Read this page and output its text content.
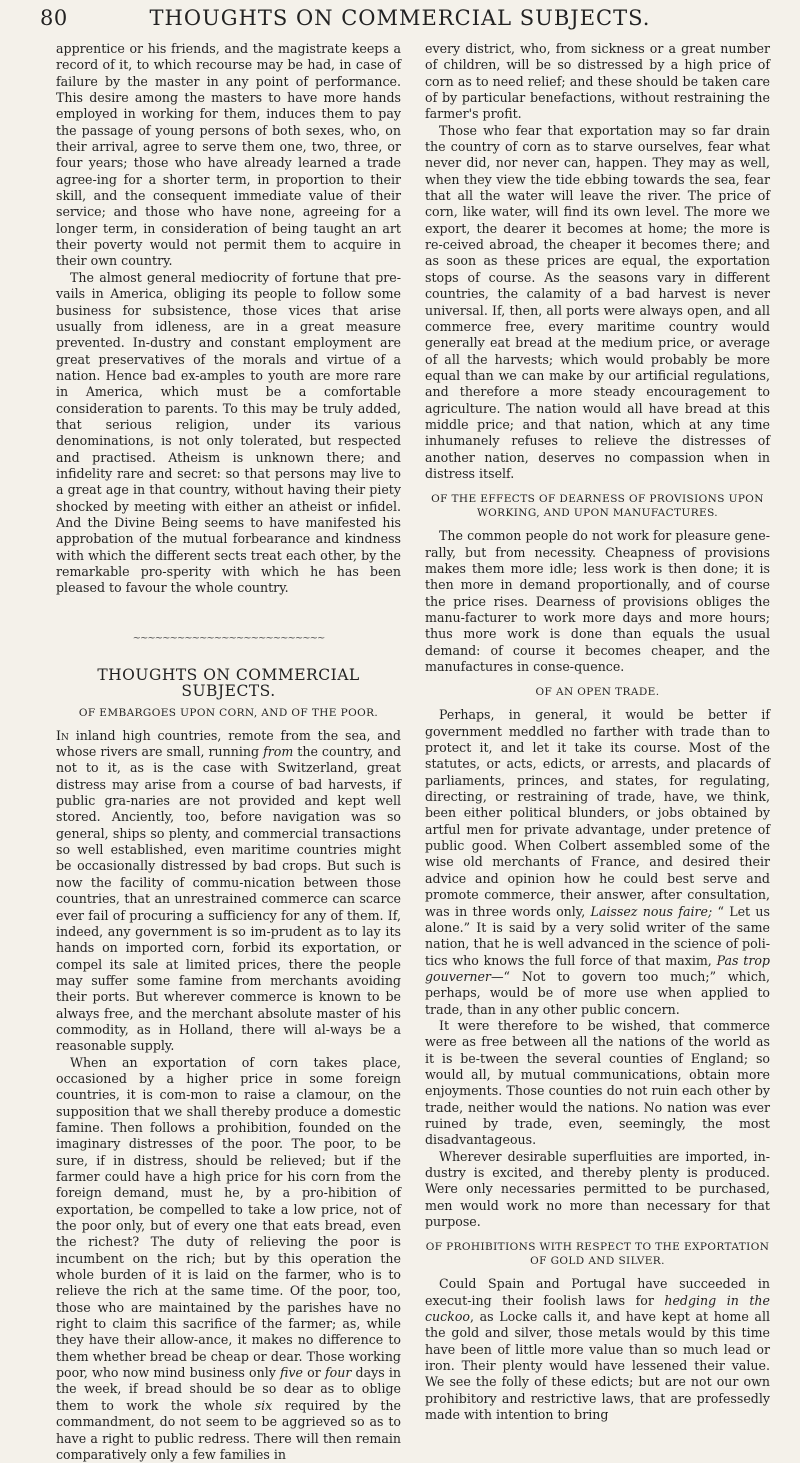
80	THOUGHTS ON COMMERCIAL SUBJECTS.

apprentice or his friends, and the magistrate keeps a record of it, to which recourse may be had, in case of failure by the master in any point of performance. This desire among the masters to have more hands employed in working for them, induces them to pay the passage of young persons of both sexes, who, on their arrival, agree to serve them one, two, three, or four years; those who have already learned a trade agree-ing for a shorter term, in proportion to their skill, and the consequent immediate value of their service; and those who have none, agreeing for a longer term, in consideration of being taught an art their poverty would not permit them to acquire in their own country.

The almost general mediocrity of fortune that pre-vails in America, obliging its people to follow some business for subsistence, those vices that arise usually from idleness, are in a great measure prevented. In-dustry and constant employment are great preservatives of the morals and virtue of a nation. Hence bad ex-amples to youth are more rare in America, which must be a comfortable consideration to parents. To this may be truly added, that serious religion, under its various denominations, is not only tolerated, but respected and practised. Atheism is unknown there; and infidelity rare and secret: so that persons may live to a great age in that country, without having their piety shocked by meeting with either an atheist or infidel. And the Divine Being seems to have manifested his approbation of the mutual forbearance and kindness with which the different sects treat each other, by the remarkable pro-sperity with which he has been pleased to favour the whole country.

~~~~~~~~~~~~~~~~~~~~~~~~~~
THOUGHTS ON COMMERCIAL SUBJECTS.
OF EMBARGOES UPON CORN, AND OF THE POOR.

In inland high countries, remote from the sea, and whose rivers are small, running from the country, and not to it, as is the case with Switzerland, great distress may arise from a course of bad harvests, if public gra-naries are not provided and kept well stored. Anciently, too, before navigation was so general, ships so plenty, and commercial transactions so well established, even maritime countries might be occasionally distressed by bad crops. But such is now the facility of commu-nication between those countries, that an unrestrained commerce can scarce ever fail of procuring a sufficiency for any of them. If, indeed, any government is so im-prudent as to lay its hands on imported corn, forbid its exportation, or compel its sale at limited prices, there the people may suffer some famine from merchants avoiding their ports. But wherever commerce is known to be always free, and the merchant absolute master of his commodity, as in Holland, there will al-ways be a reasonable supply.

When an exportation of corn takes place, occasioned by a higher price in some foreign countries, it is com-mon to raise a clamour, on the supposition that we shall thereby produce a domestic famine. Then follows a prohibition, founded on the imaginary distresses of the poor. The poor, to be sure, if in distress, should be relieved; but if the farmer could have a high price for his corn from the foreign demand, must he, by a pro-hibition of exportation, be compelled to take a low price, not of the poor only, but of every one that eats bread, even the richest? The duty of relieving the poor is incumbent on the rich; but by this operation the whole burden of it is laid on the farmer, who is to relieve the rich at the same time. Of the poor, too, those who are maintained by the parishes have no right to claim this sacrifice of the farmer; as, while they have their allow-ance, it makes no difference to them whether bread be cheap or dear. Those working poor, who now mind business only five or four days in the week, if bread should be so dear as to oblige them to work the whole six required by the commandment, do not seem to be aggrieved so as to have a right to public redress. There will then remain comparatively only a few families in

every district, who, from sickness or a great number of children, will be so distressed by a high price of corn as to need relief; and these should be taken care of by particular benefactions, without restraining the farmer's profit.

Those who fear that exportation may so far drain the country of corn as to starve ourselves, fear what never did, nor never can, happen. They may as well, when they view the tide ebbing towards the sea, fear that all the water will leave the river. The price of corn, like water, will find its own level. The more we export, the dearer it becomes at home; the more is re-ceived abroad, the cheaper it becomes there; and as soon as these prices are equal, the exportation stops of course. As the seasons vary in different countries, the calamity of a bad harvest is never universal. If, then, all ports were always open, and all commerce free, every maritime country would generally eat bread at the medium price, or average of all the harvests; which would probably be more equal than we can make by our artificial regulations, and therefore a more steady encouragement to agriculture. The nation would all have bread at this middle price; and that nation, which at any time inhumanely refuses to relieve the distresses of another nation, deserves no compassion when in distress itself.

OF THE EFFECTS OF DEARNESS OF PROVISIONS UPON WORKING, AND UPON MANUFACTURES.

The common people do not work for pleasure gene-rally, but from necessity. Cheapness of provisions makes them more idle; less work is then done; it is then more in demand proportionally, and of course the price rises. Dearness of provisions obliges the manu-facturer to work more days and more hours; thus more work is done than equals the usual demand: of course it becomes cheaper, and the manufactures in conse-quence.

OF AN OPEN TRADE.

Perhaps, in general, it would be better if government meddled no farther with trade than to protect it, and let it take its course. Most of the statutes, or acts, edicts, or arrests, and placards of parliaments, princes, and states, for regulating, directing, or restraining of trade, have, we think, been either political blunders, or jobs obtained by artful men for private advantage, under pretence of public good. When Colbert assembled some of the wise old merchants of France, and desired their advice and opinion how he could best serve and promote commerce, their answer, after consultation, was in three words only, Laissez nous faire; “ Let us alone.” It is said by a very solid writer of the same nation, that he is well advanced in the science of poli-tics who knows the full force of that maxim, Pas trop gouverner—“ Not to govern too much;” which, perhaps, would be of more use when applied to trade, than in any other public concern.

It were therefore to be wished, that commerce were as free between all the nations of the world as it is be-tween the several counties of England; so would all, by mutual communications, obtain more enjoyments. Those counties do not ruin each other by trade, neither would the nations. No nation was ever ruined by trade, even, seemingly, the most disadvantageous.

Wherever desirable superfluities are imported, in-dustry is excited, and thereby plenty is produced. Were only necessaries permitted to be purchased, men would work no more than necessary for that purpose.

OF PROHIBITIONS WITH RESPECT TO THE EXPORTATION OF GOLD AND SILVER.

Could Spain and Portugal have succeeded in execut-ing their foolish laws for hedging in the cuckoo, as Locke calls it, and have kept at home all the gold and silver, those metals would by this time have been of little more value than so much lead or iron. Their plenty would have lessened their value. We see the folly of these edicts; but are not our own prohibitory and restrictive laws, that are professedly made with intention to bring
